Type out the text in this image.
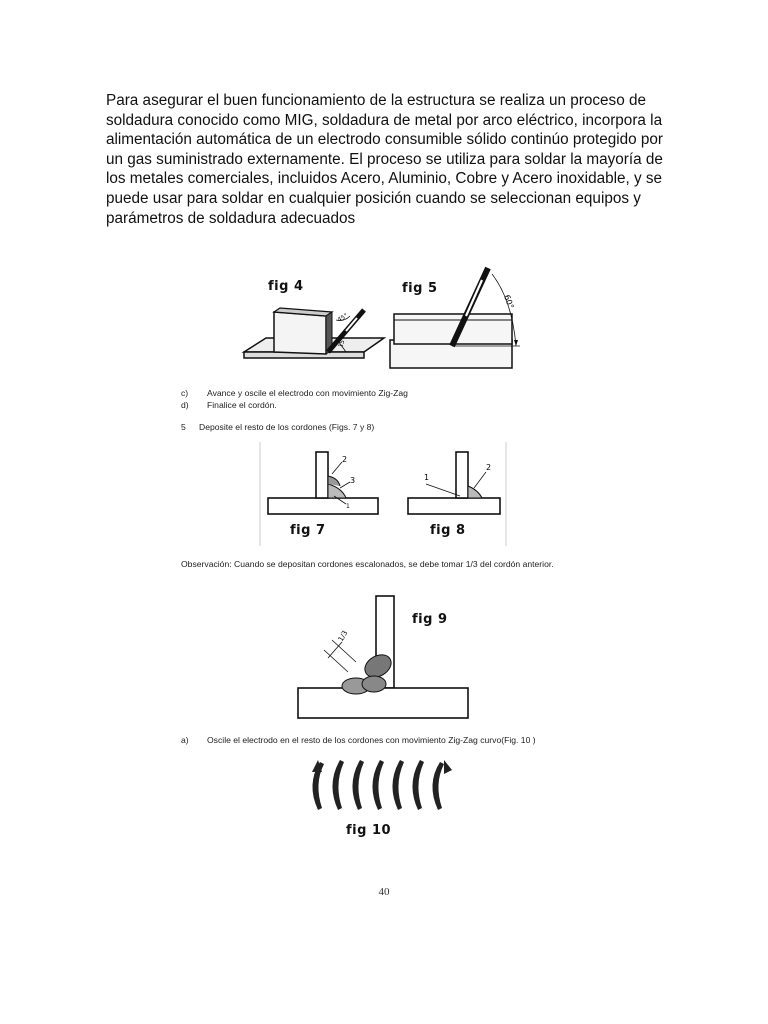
Para asegurar el buen funcionamiento de la estructura se realiza un proceso de soldadura conocido como MIG, soldadura de metal por arco eléctrico, incorpora la alimentación automática de un electrodo consumible sólido continúo protegido por un gas suministrado externamente. El proceso se utiliza para soldar la mayoría de los metales comerciales, incluidos Acero, Aluminio, Cobre y Acero inoxidable, y se puede usar para soldar en cualquier posición cuando se seleccionan equipos y parámetros de soldadura adecuados

fig 4
45°
15°
fig 5
60°
c) Avance y oscile el electrodo con movimiento Zig-Zag
d) Finalice el cordón.
5 Deposite el resto de los cordones (Figs. 7 y 8)
2
3
1
fig 7
1
2
fig 8

Observación: Cuando se depositan cordones escalonados, se debe tomar 1/3 del cordón anterior.

1/3
fig 9
a) Oscile el electrodo en el resto de los cordones con movimiento Zig-Zag curvo(Fig. 10 )
fig 10
40
